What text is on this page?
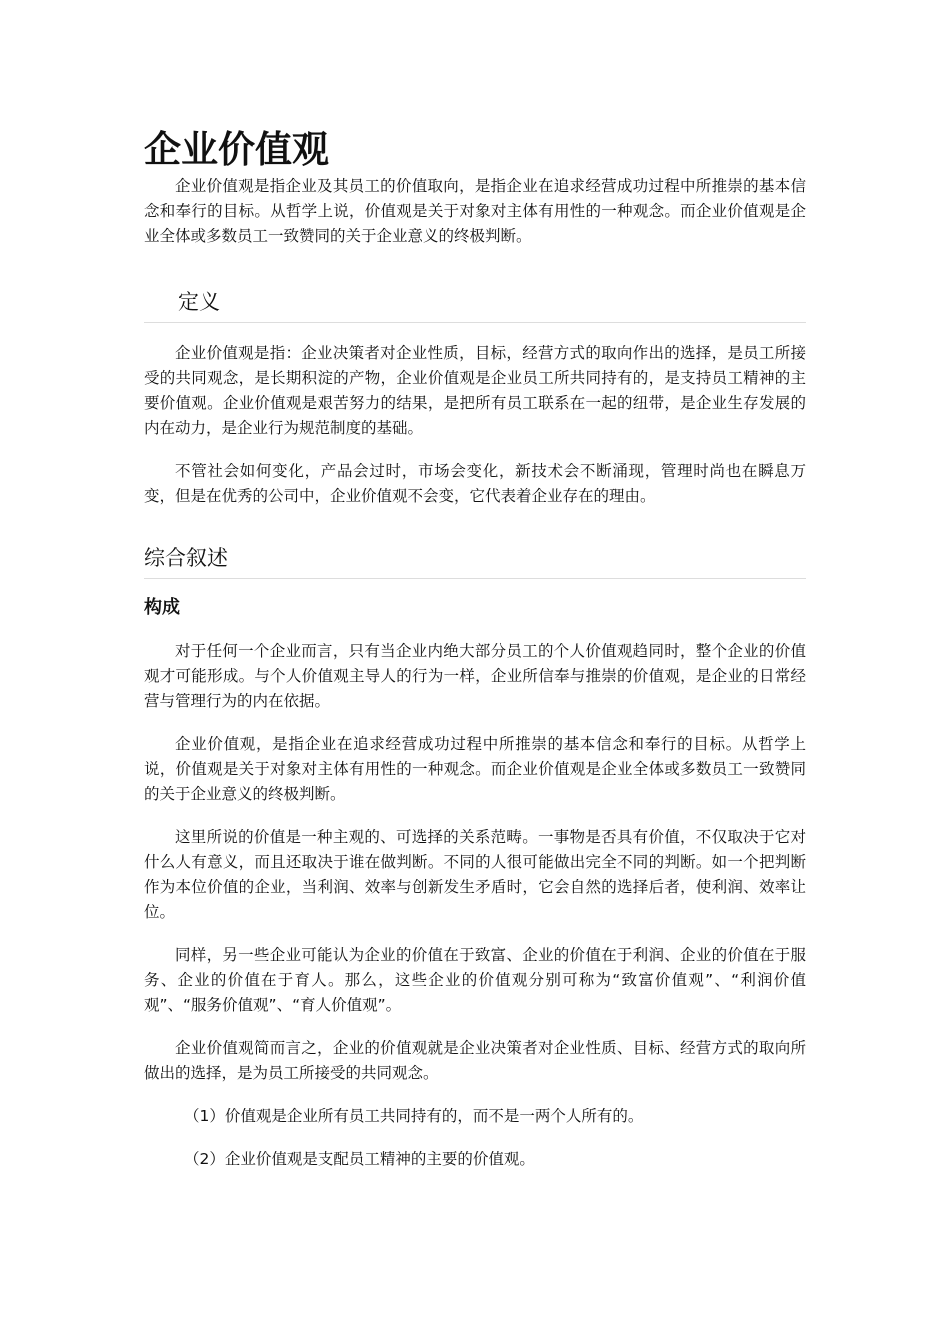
企业价值观

企业价值观是指企业及其员工的价值取向，是指企业在追求经营成功过程中所推崇的基本信念和奉行的目标。从哲学上说，价值观是关于对象对主体有用性的一种观念。而企业价值观是企业全体或多数员工一致赞同的关于企业意义的终极判断。

定义

企业价值观是指：企业决策者对企业性质，目标，经营方式的取向作出的选择，是员工所接受的共同观念，是长期积淀的产物，企业价值观是企业员工所共同持有的，是支持员工精神的主要价值观。企业价值观是艰苦努力的结果，是把所有员工联系在一起的纽带，是企业生存发展的内在动力，是企业行为规范制度的基础。

不管社会如何变化，产品会过时，市场会变化，新技术会不断涌现，管理时尚也在瞬息万变，但是在优秀的公司中，企业价值观不会变，它代表着企业存在的理由。

综合叙述
构成

对于任何一个企业而言，只有当企业内绝大部分员工的个人价值观趋同时，整个企业的价值观才可能形成。与个人价值观主导人的行为一样，企业所信奉与推崇的价值观，是企业的日常经营与管理行为的内在依据。

企业价值观，是指企业在追求经营成功过程中所推崇的基本信念和奉行的目标。从哲学上说，价值观是关于对象对主体有用性的一种观念。而企业价值观是企业全体或多数员工一致赞同的关于企业意义的终极判断。

这里所说的价值是一种主观的、可选择的关系范畴。一事物是否具有价值，不仅取决于它对什么人有意义，而且还取决于谁在做判断。不同的人很可能做出完全不同的判断。如一个把判断作为本位价值的企业，当利润、效率与创新发生矛盾时，它会自然的选择后者，使利润、效率让位。

同样，另一些企业可能认为企业的价值在于致富、企业的价值在于利润、企业的价值在于服务、企业的价值在于育人。那么，这些企业的价值观分别可称为“致富价值观”、“利润价值观”、“服务价值观”、“育人价值观”。

企业价值观简而言之，企业的价值观就是企业决策者对企业性质、目标、经营方式的取向所做出的选择，是为员工所接受的共同观念。

（1）价值观是企业所有员工共同持有的，而不是一两个人所有的。

（2）企业价值观是支配员工精神的主要的价值观。
